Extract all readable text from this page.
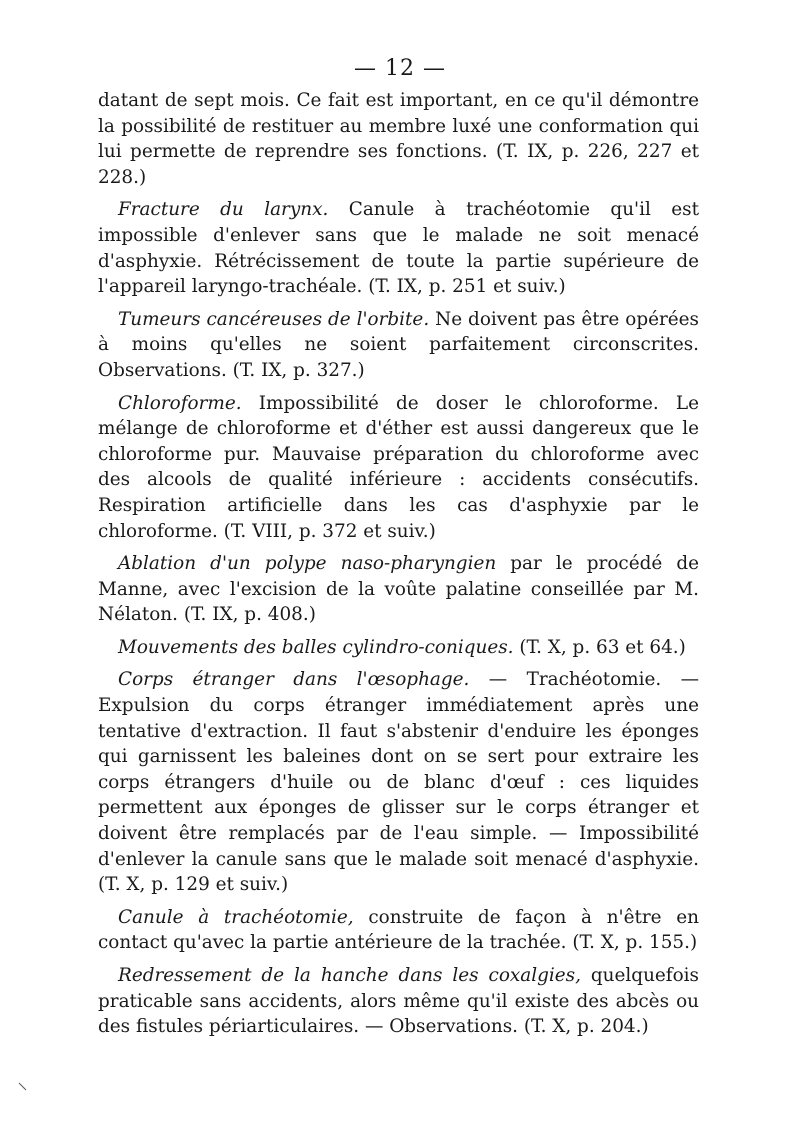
— 12 —

datant de sept mois. Ce fait est important, en ce qu'il démontre la possibilité de restituer au membre luxé une conformation qui lui permette de reprendre ses fonctions. (T. IX, p. 226, 227 et 228.)

Fracture du larynx. Canule à trachéotomie qu'il est impossible d'enlever sans que le malade ne soit menacé d'asphyxie. Rétrécissement de toute la partie supérieure de l'appareil laryngo-trachéale. (T. IX, p. 251 et suiv.)

Tumeurs cancéreuses de l'orbite. Ne doivent pas être opérées à moins qu'elles ne soient parfaitement circonscrites. Observations. (T. IX, p. 327.)

Chloroforme. Impossibilité de doser le chloroforme. Le mélange de chloroforme et d'éther est aussi dangereux que le chloroforme pur. Mauvaise préparation du chloroforme avec des alcools de qualité inférieure : accidents consécutifs. Respiration artificielle dans les cas d'asphyxie par le chloroforme. (T. VIII, p. 372 et suiv.)

Ablation d'un polype naso-pharyngien par le procédé de Manne, avec l'excision de la voûte palatine conseillée par M. Nélaton. (T. IX, p. 408.)

Mouvements des balles cylindro-coniques. (T. X, p. 63 et 64.)

Corps étranger dans l'œsophage. — Trachéotomie. — Expulsion du corps étranger immédiatement après une tentative d'extraction. Il faut s'abstenir d'enduire les éponges qui garnissent les baleines dont on se sert pour extraire les corps étrangers d'huile ou de blanc d'œuf : ces liquides permettent aux éponges de glisser sur le corps étranger et doivent être remplacés par de l'eau simple. — Impossibilité d'enlever la canule sans que le malade soit menacé d'asphyxie. (T. X, p. 129 et suiv.)

Canule à trachéotomie, construite de façon à n'être en contact qu'avec la partie antérieure de la trachée. (T. X, p. 155.)

Redressement de la hanche dans les coxalgies, quelquefois praticable sans accidents, alors même qu'il existe des abcès ou des fistules périarticulaires. — Observations. (T. X, p. 204.)
